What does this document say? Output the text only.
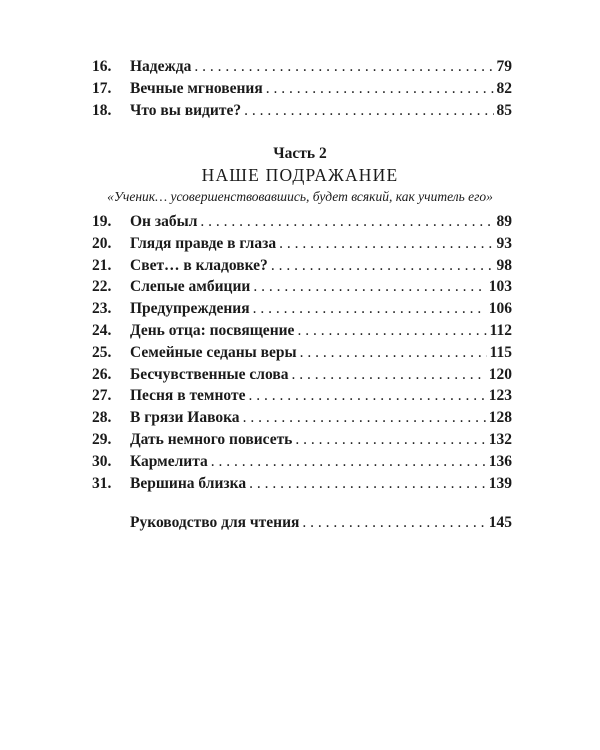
16.	Надежда . . .	79
17.	Вечные мгновения . . .	82
18.	Что вы видите? . . .	85
Часть 2
НАШЕ ПОДРАЖАНИЕ
«Ученик… усовершенствовавшись, будет всякий, как учитель его»
19.	Он забыл . . .	89
20.	Глядя правде в глаза . . .	93
21.	Свет… в кладовке? . . .	98
22.	Слепые амбиции . . .	103
23.	Предупреждения . . .	106
24.	День отца: посвящение . . .	112
25.	Семейные седаны веры . . .	115
26.	Бесчувственные слова . . .	120
27.	Песня в темноте . . .	123
28.	В грязи Иавока . . .	128
29.	Дать немного повисеть . . .	132
30.	Кармелита . . .	136
31.	Вершина близка . . .	139
Руководство для чтения . . .	145
